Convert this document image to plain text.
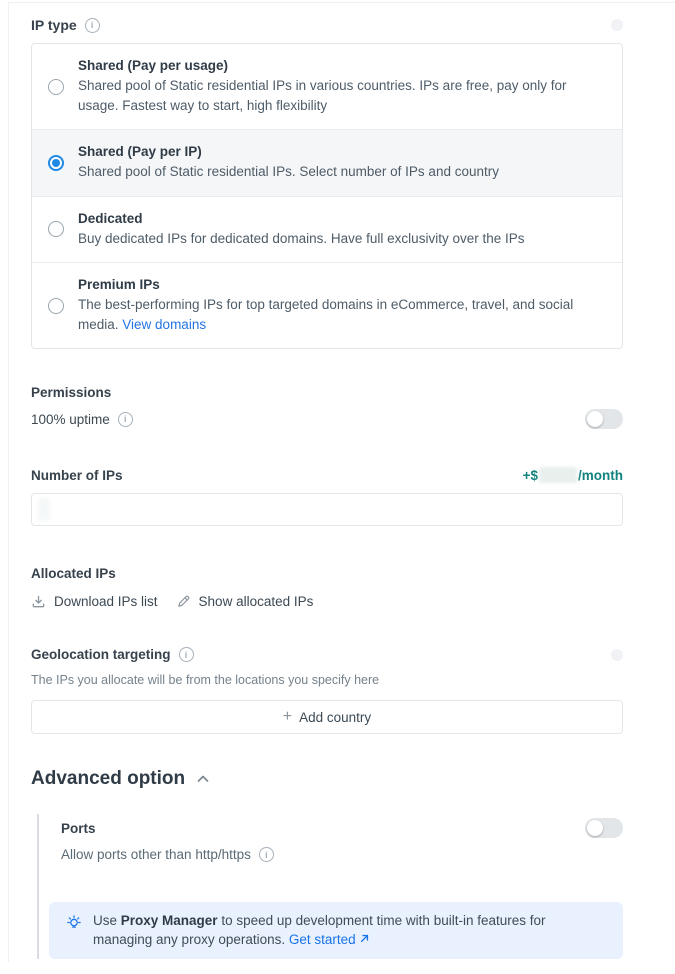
IP type i
Shared (Pay per usage)
Shared pool of Static residential IPs in various countries. IPs are free, pay only for usage. Fastest way to start, high flexibility
Shared (Pay per IP)
Shared pool of Static residential IPs. Select number of IPs and country
Dedicated
Buy dedicated IPs for dedicated domains. Have full exclusivity over the IPs
Premium IPs
The best-performing IPs for top targeted domains in eCommerce, travel, and social media. View domains
Permissions
100% uptime i
Number of IPs	+$	/month
Allocated IPs
Download IPs list	Show allocated IPs
Geolocation targeting i
The IPs you allocate will be from the locations you specify here
+ Add country
Advanced option
Ports
Allow ports other than http/https i
Use Proxy Manager to speed up development time with built-in features for managing any proxy operations. Get started
